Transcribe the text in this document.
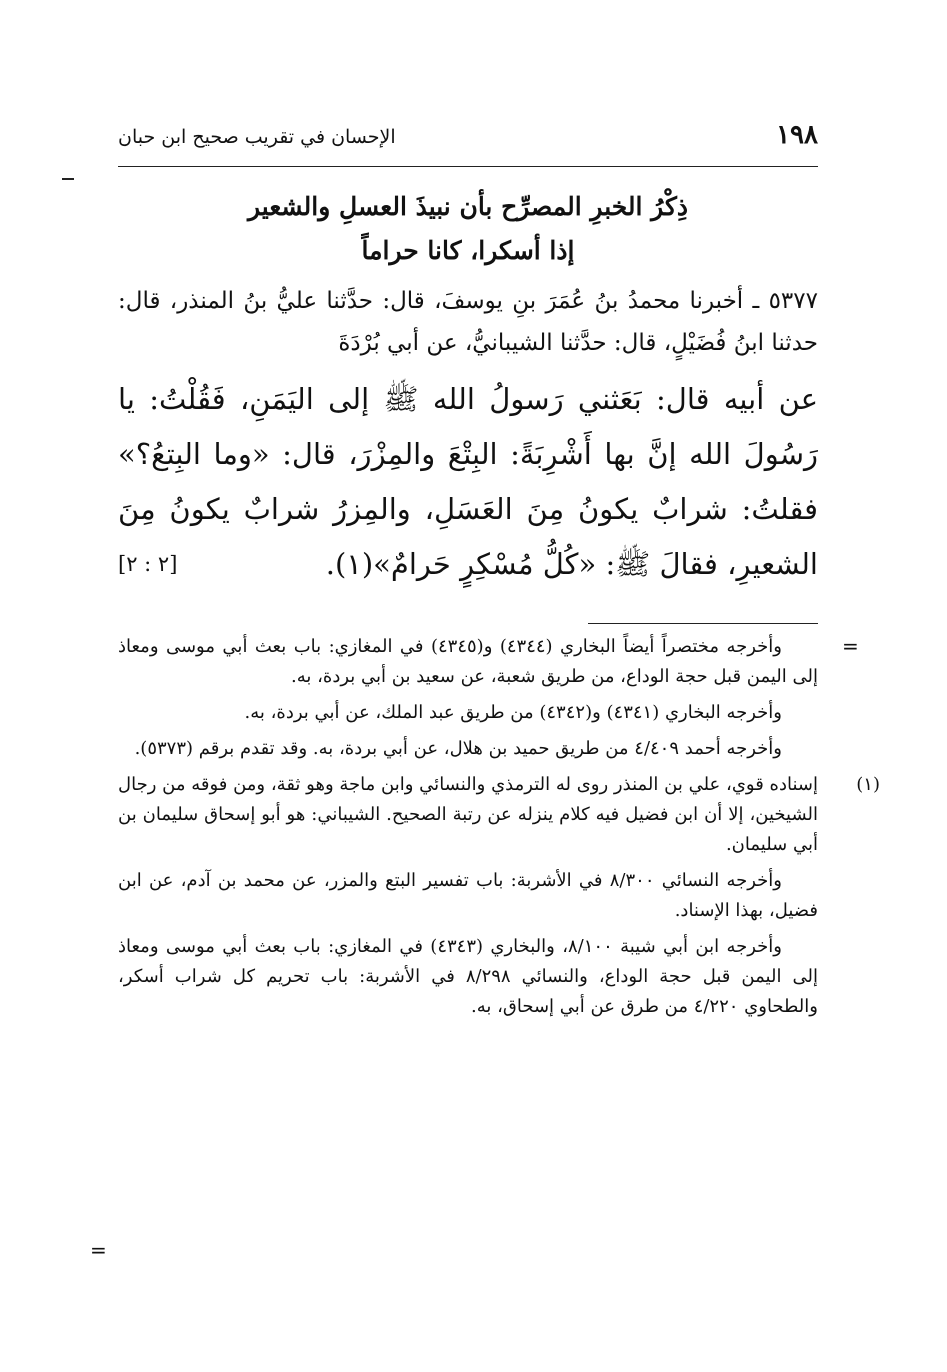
١٩٨
الإحسان في تقريب صحيح ابن حبان
ذِكْرُ الخبرِ المصرِّح بأن نبيذَ العسلِ والشعير
إذا أسكرا، كانا حراماً

٥٣٧٧ ـ أخبرنا محمدُ بنُ عُمَرَ بنِ يوسفَ، قال: حدَّثنا عليُّ بنُ المنذر، قال: حدثنا ابنُ فُضَيْلٍ، قال: حدَّثنا الشيبانيُّ، عن أبي بُرْدَةَ

عن أبيه قال: بَعَثني رَسولُ الله ﷺ إلى اليَمَنِ، فَقُلْتُ: يا رَسُولَ الله إنَّ بها أَشْرِبَةً: البِتْعَ والمِزْرَ، قال: «وما البِتعُ؟» فقلتُ: شرابٌ يكونُ مِنَ العَسَلِ، والمِزرُ شرابٌ يكونُ مِنَ الشعيرِ، فقالَ ﷺ: «كُلُّ مُسْكِرٍ حَرامٌ»(١).
[٢ : ٢]

=

وأخرجه مختصراً أيضاً البخاري (٤٣٤٤) و(٤٣٤٥) في المغازي: باب بعث أبي موسى ومعاذ إلى اليمن قبل حجة الوداع، من طريق شعبة، عن سعيد بن أبي بردة، به.

وأخرجه البخاري (٤٣٤١) و(٤٣٤٢) من طريق عبد الملك، عن أبي بردة، به.

وأخرجه أحمد ٤/٤٠٩ من طريق حميد بن هلال، عن أبي بردة، به. وقد تقدم برقم (٥٣٧٣).

(١)
إسناده قوي، علي بن المنذر روى له الترمذي والنسائي وابن ماجة وهو ثقة، ومن فوقه من رجال الشيخين، إلا أن ابن فضيل فيه كلام ينزله عن رتبة الصحيح. الشيباني: هو أبو إسحاق سليمان بن أبي سليمان.

وأخرجه النسائي ٨/٣٠٠ في الأشربة: باب تفسير البتع والمزر، عن محمد بن آدم، عن ابن فضيل، بهذا الإسناد.

وأخرجه ابن أبي شيبة ٨/١٠٠، والبخاري (٤٣٤٣) في المغازي: باب بعث أبي موسى ومعاذ إلى اليمن قبل حجة الوداع، والنسائي ٨/٢٩٨ في الأشربة: باب تحريم كل شراب أسكر، والطحاوي ٤/٢٢٠ من طرق عن أبي إسحاق، به.

=
